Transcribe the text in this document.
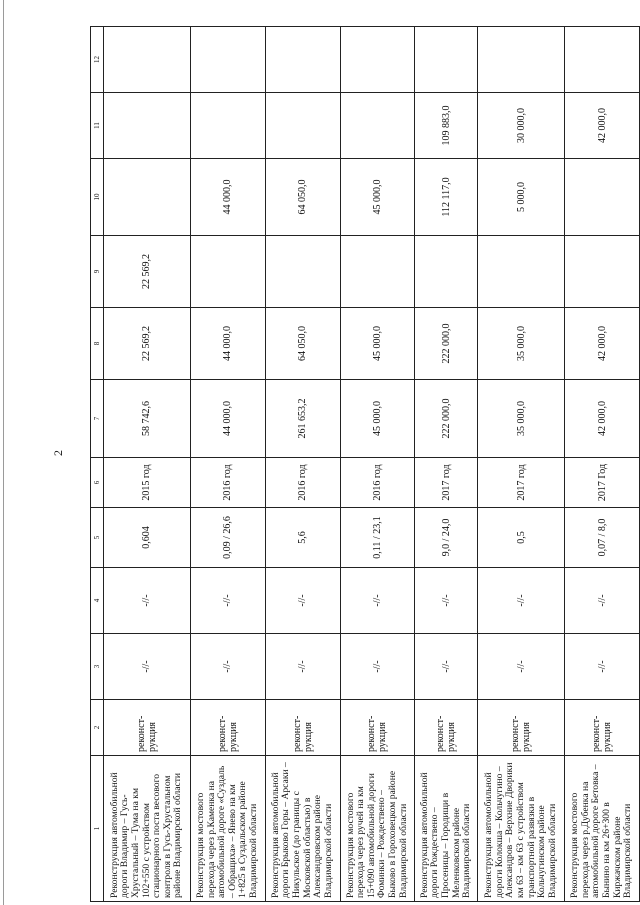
2
1	2	3	4	5	6	7	8	9	10	11	12
Реконструкция автомобильной дороги Владимир – Гусь-Хрустальный – Тума на км 102+550 с устройством стационарного поста весового контроля в Гусь-Хрустальном районе Владимирской области	реконст-рукция	-//-	-//-	0,604	2015 год	58 742,6	22 569,2	22 569,2			
Реконструкция мостового перехода через р.Каменка на автомобильной дороге «Суздаль – Обращиха» – Янево на км 1+825 в Суздальском районе Владимирской области	реконст-рукция	-//-	-//-	0,09 / 26,6	2016 год	44 000,0	44 000,0		44 000,0		
Реконструкция автомобильной дороги Брыково Горы – Арсаки – Никульское (до границы с Московской областью) в Александровском районе Владимирской области	реконст-рукция	-//-	-//-	5,6	2016 год	261 653,2	64 050,0		64 050,0		
Реконструкция мостового перехода через ручей на км 15+090 автомобильной дороги Фоминки – Рождествено – Быково в Гороховецком районе Владимирской области	реконст-рукция	-//-	-//-	0,11 / 23,1	2016 год	45 000,0	45 000,0		45 000,0		
Реконструкция автомобильной дороги Рождествено – Просеницы – Городищи в Меленковском районе Владимирской области	реконст-рукция	-//-	-//-	9,0 / 24,0	2017 год	222 000,0	222 000,0		112 117,0	109 883,0	
Реконструкция автомобильной дороги Колокша – Кольчугино – Александров – Верхние Дворики км 63 – км 63 с устройством транспортной развязки в Кольчугинском районе Владимирской области	реконст-рукция	-//-	-//-	0,5	2017 год	35 000,0	35 000,0		5 000,0	30 000,0	
Реконструкция мостового перехода через р.Дубенка на автомобильной дороге Бетовка – Бынино на км 26+300 в Киржачском районе Владимирской области	реконст-рукция	-//-	-//-	0,07 / 8,0	2017 Год	42 000,0	42 000,0			42 000,0	
